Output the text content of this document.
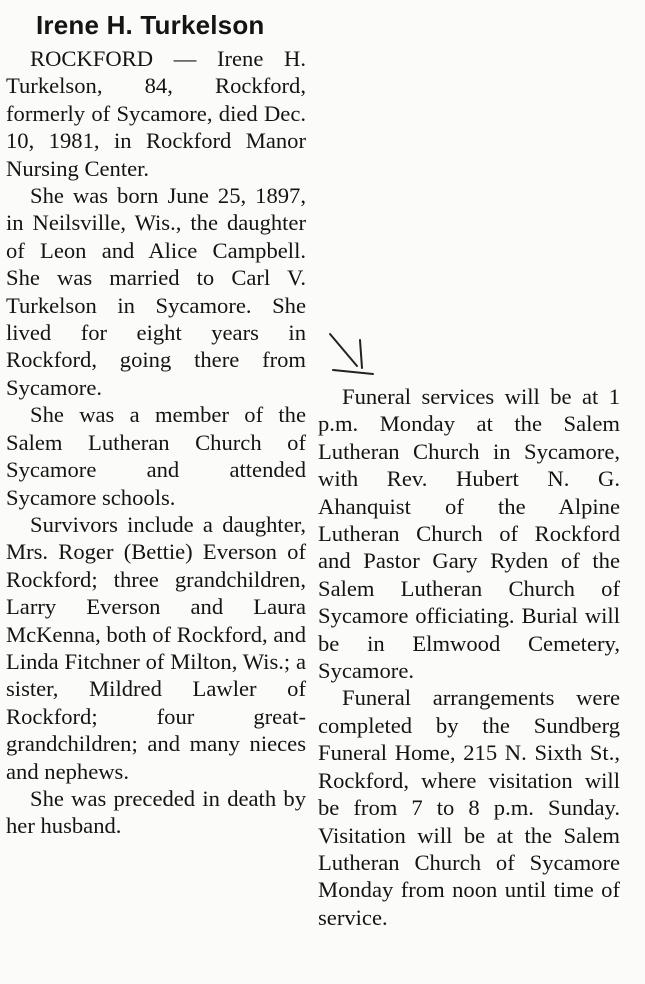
Irene H. Turkelson

ROCKFORD — Irene H. Turkelson, 84, Rockford, formerly of Sycamore, died Dec. 10, 1981, in Rockford Manor Nursing Center.

She was born June 25, 1897, in Neilsville, Wis., the daughter of Leon and Alice Campbell. She was married to Carl V. Turkelson in Sycamore. She lived for eight years in Rockford, going there from Sycamore.

She was a member of the Salem Lutheran Church of Sycamore and attended Sycamore schools.

Survivors include a daughter, Mrs. Roger (Bettie) Everson of Rockford; three grandchildren, Larry Everson and Laura McKenna, both of Rockford, and Linda Fitchner of Milton, Wis.; a sister, Mildred Lawler of Rockford; four great-grandchildren; and many nieces and nephews.

She was preceded in death by her husband.

Funeral services will be at 1 p.m. Monday at the Salem Lutheran Church in Sycamore, with Rev. Hubert N. G. Ahanquist of the Alpine Lutheran Church of Rockford and Pastor Gary Ryden of the Salem Lutheran Church of Sycamore officiating. Burial will be in Elmwood Cemetery, Sycamore.

Funeral arrangements were completed by the Sundberg Funeral Home, 215 N. Sixth St., Rockford, where visitation will be from 7 to 8 p.m. Sunday. Visitation will be at the Salem Lutheran Church of Sycamore Monday from noon until time of service.
